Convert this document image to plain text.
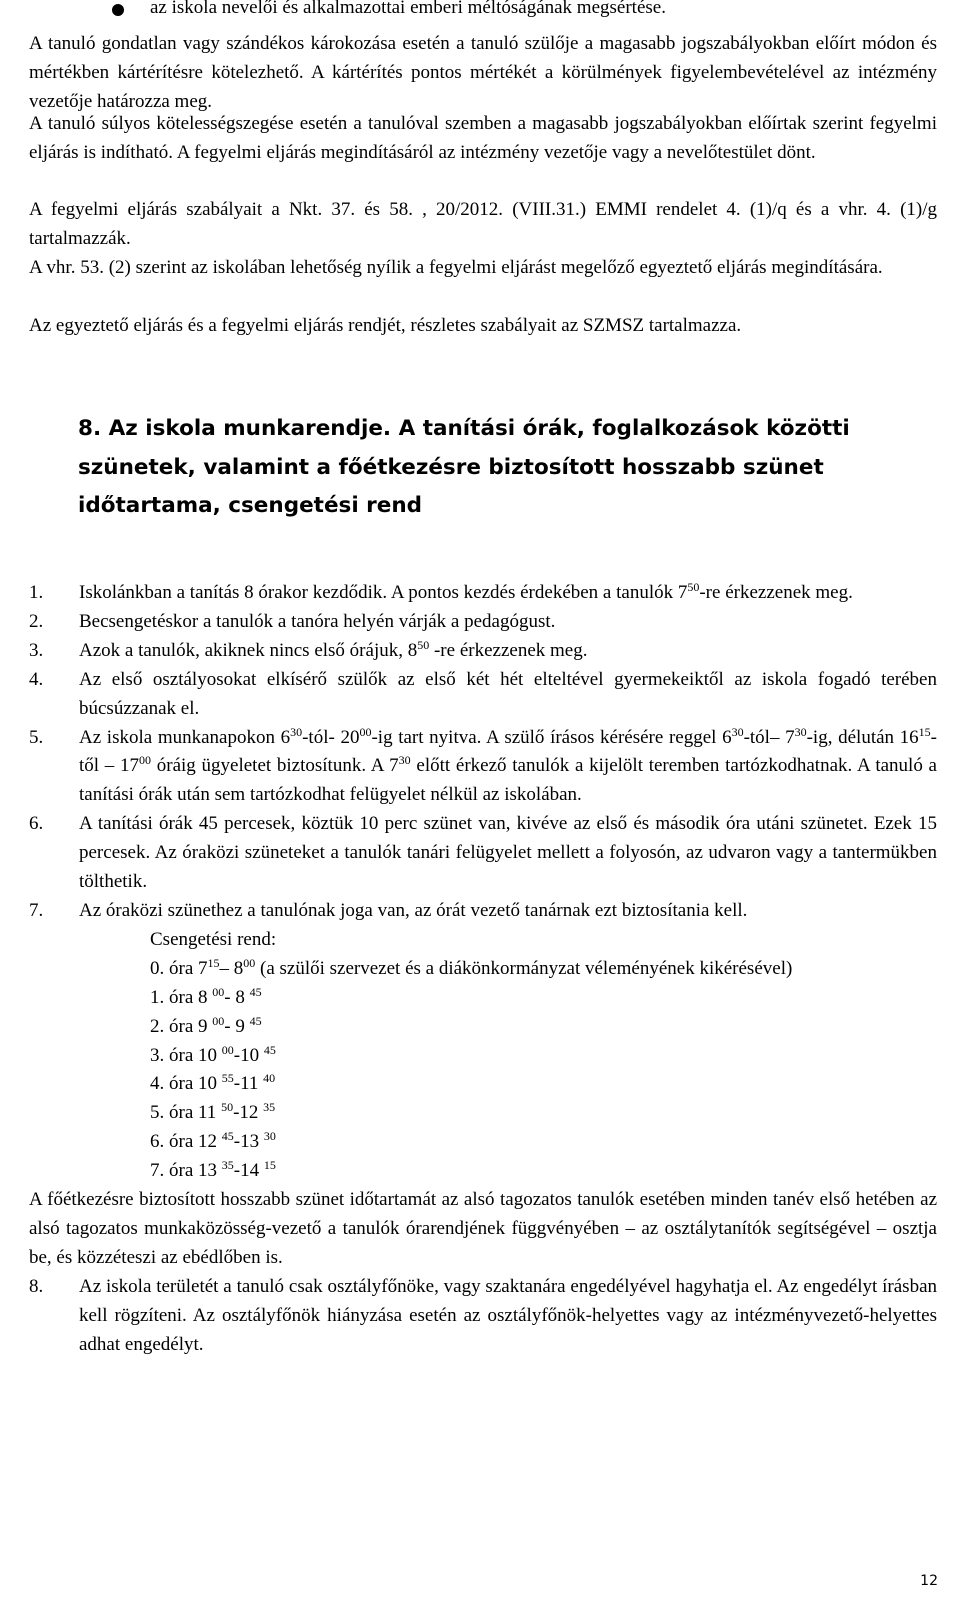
az iskola nevelői és alkalmazottai emberi méltóságának megsértése.

A tanuló gondatlan vagy szándékos károkozása esetén a tanuló szülője a magasabb jogszabályokban előírt módon és mértékben kártérítésre kötelezhető. A kártérítés pontos mértékét a körülmények figyelembevételével az intézmény vezetője határozza meg.

A tanuló súlyos kötelességszegése esetén a tanulóval szemben a magasabb jogszabályokban előírtak szerint fegyelmi eljárás is indítható. A fegyelmi eljárás megindításáról az intézmény vezetője vagy a nevelőtestület dönt.

A fegyelmi eljárás szabályait a Nkt. 37. és 58. , 20/2012. (VIII.31.) EMMI rendelet 4. (1)/q és a vhr. 4. (1)/g tartalmazzák.

A vhr. 53. (2) szerint az iskolában lehetőség nyílik a fegyelmi eljárást megelőző egyeztető eljárás megindítására.

Az egyeztető eljárás és a fegyelmi eljárás rendjét, részletes szabályait az SZMSZ tartalmazza.

8. Az iskola munkarendje. A tanítási órák, foglalkozások közötti szünetek, valamint a főétkezésre biztosított hosszabb szünet időtartama, csengetési rend
1. Iskolánkban a tanítás 8 órakor kezdődik. A pontos kezdés érdekében a tanulók $7^{50}-re$ érkezzenek meg.
2. Becsengetéskor a tanulók a tanóra helyén várják a pedagógust.
3. Azok a tanulók, akiknek nincs első órájuk, $8^{50}$ -re érkezzenek meg.
4. Az első osztályosokat elkísérő szülők az első két hét elteltével gyermekeiktől az iskola fogadó terében búcsúzzanak el.
5. Az iskola munkanapokon $6^{30}-tól-$ $20^{00}-ig$ tart nyitva. A szülő írásos kérésére reggel $6^{30}-tól-$ $7^{30}-ig$, délután $16^{15}$-től – $17^{00}$ óráig ügyeletet biztosítunk. A $7^{30}$ előtt érkező tanulók a kijelölt teremben tartózkodhatnak. A tanuló a tanítási órák után sem tartózkodhat felügyelet nélkül az iskolában.
6. A tanítási órák 45 percesek, köztük 10 perc szünet van, kivéve az első és második óra utáni szünetet. Ezek 15 percesek. Az óraközi szüneteket a tanulók tanári felügyelet mellett a folyosón, az udvaron vagy a tantermükben tölthetik.
7. Az óraközi szünethez a tanulónak joga van, az órát vezető tanárnak ezt biztosítania kell.
Csengetési rend:
0. óra $7^{15}-$ $8^{00}$ (a szülői szervezet és a diákönkormányzat véleményének kikérésével)
1. óra 8 $^{00}$- 8 $^{45}$
2. óra 9 $^{00}$- 9 $^{45}$
3. óra 10 $^{00}$-10 $^{45}$
4. óra 10 $^{55}$-11 $^{40}$
5. óra 11 $^{50}$-12 $^{35}$
6. óra 12 $^{45}$-13 $^{30}$
7. óra 13 $^{35}$-14 $^{15}$
A főétkezésre biztosított hosszabb szünet időtartamát az alsó tagozatos tanulók esetében minden tanév első hetében az alsó tagozatos munkaközösség-vezető a tanulók órarendjének függvényében – az osztálytanítók segítségével – osztja be, és közzéteszi az ebédlőben is.
8. Az iskola területét a tanuló csak osztályfőnöke, vagy szaktanára engedélyével hagyhatja el. Az engedélyt írásban kell rögzíteni. Az osztályfőnök hiányzása esetén az osztályfőnök-helyettes vagy az intézményvezető-helyettes adhat engedélyt.
12
